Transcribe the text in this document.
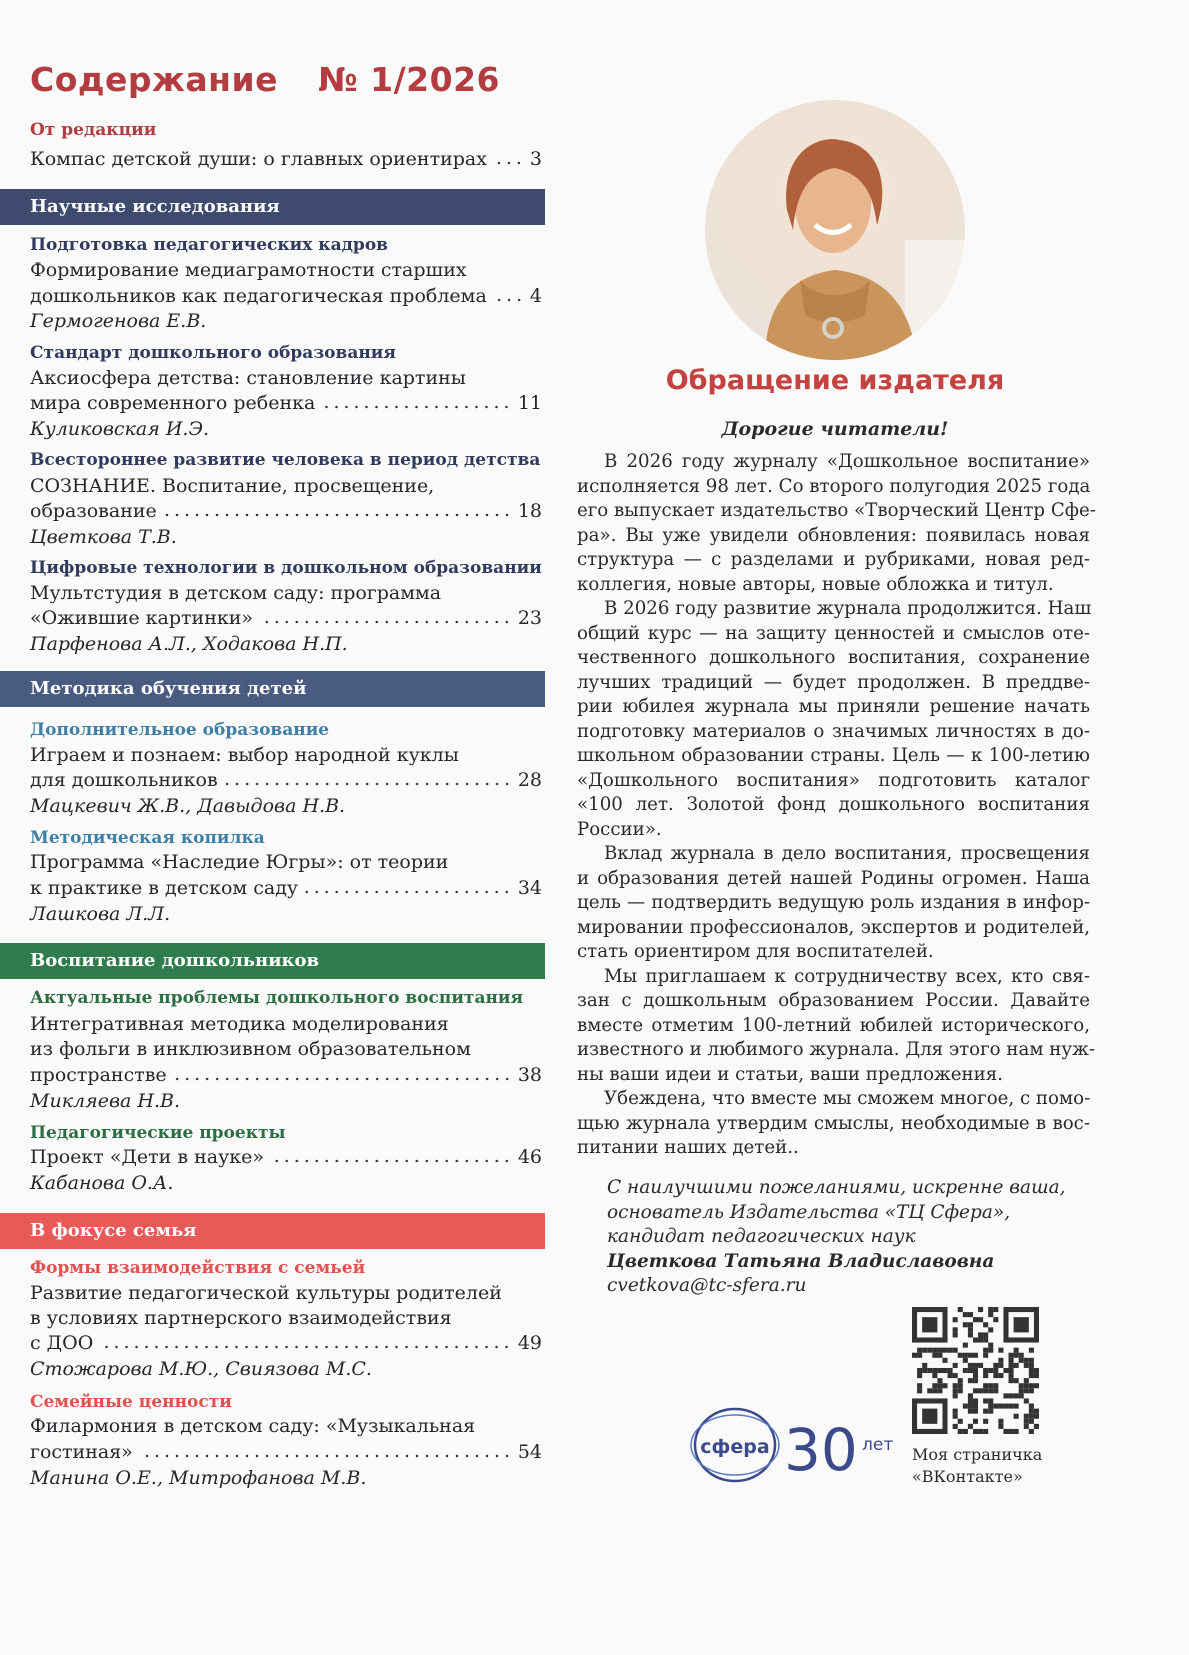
Содержание № 1/2026
От редакции
Компас детской души: о главных ориентирах 3
Научные исследования
Подготовка педагогических кадров
Формирование медиаграмотности старших
дошкольников как педагогическая проблема 4
Гермогенова Е.В.
Стандарт дошкольного образования
Аксиосфера детства: становление картины
мира современного ребенка	11
Куликовская И.Э.
Всестороннее развитие человека в период детства
СОЗНАНИЕ. Воспитание, просвещение,
образование	18
Цветкова Т.В.
Цифровые технологии в дошкольном образовании
Мультстудия в детском саду: программа
«Ожившие картинки»	23
Парфенова А.Л., Ходакова Н.П.
Методика обучения детей
Дополнительное образование
Играем и познаем: выбор народной куклы
для дошкольников	28
Мацкевич Ж.В., Давыдова Н.В.
Методическая копилка
Программа «Наследие Югры»: от теории
к практике в детском саду	34
Лашкова Л.Л.
Воспитание дошкольников
Актуальные проблемы дошкольного воспитания
Интегративная методика моделирования
из фольги в инклюзивном образовательном
пространстве	38
Микляева Н.В.
Педагогические проекты
Проект «Дети в науке»	46
Кабанова О.А.
В фокусе семья
Формы взаимодействия с семьей
Развитие педагогической культуры родителей
в условиях партнерского взаимодействия
с ДОО	49
Стожарова М.Ю., Свиязова М.С.
Семейные ценности
Филармония в детском саду: «Музыкальная
гостиная»	54
Манина О.Е., Митрофанова М.В.
Обращение издателя
Дорогие читатели!
В 2026 году журналу «Дошкольное воспитание»
исполняется 98 лет. Со второго полугодия 2025 года
его выпускает издательство «Творческий Центр Сфе-
ра». Вы уже увидели обновления: появилась новая
структура — с разделами и рубриками, новая ред-
коллегия, новые авторы, новые обложка и титул.
В 2026 году развитие журнала продолжится. Наш
общий курс — на защиту ценностей и смыслов оте-
чественного дошкольного воспитания, сохранение
лучших традиций — будет продолжен. В преддве-
рии юбилея журнала мы приняли решение начать
подготовку материалов о значимых личностях в до-
школьном образовании страны. Цель — к 100-летию
«Дошкольного воспитания» подготовить каталог
«100 лет. Золотой фонд дошкольного воспитания
России».
Вклад журнала в дело воспитания, просвещения
и образования детей нашей Родины огромен. Наша
цель — подтвердить ведущую роль издания в инфор-
мировании профессионалов, экспертов и родителей,
стать ориентиром для воспитателей.
Мы приглашаем к сотрудничеству всех, кто свя-
зан с дошкольным образованием России. Давайте
вместе отметим 100-летний юбилей исторического,
известного и любимого журнала. Для этого нам нуж-
ны ваши идеи и статьи, ваши предложения.
Убеждена, что вместе мы сможем многое, с помо-
щью журнала утвердим смыслы, необходимые в вос-
питании наших детей..
С наилучшими пожеланиями, искренне ваша,
основатель Издательства «ТЦ Сфера»,
кандидат педагогических наук
Цветкова Татьяна Владиславовна
cvetkova@tc-sfera.ru
сфера 30 лет Моя страничка
«ВКонтакте»
